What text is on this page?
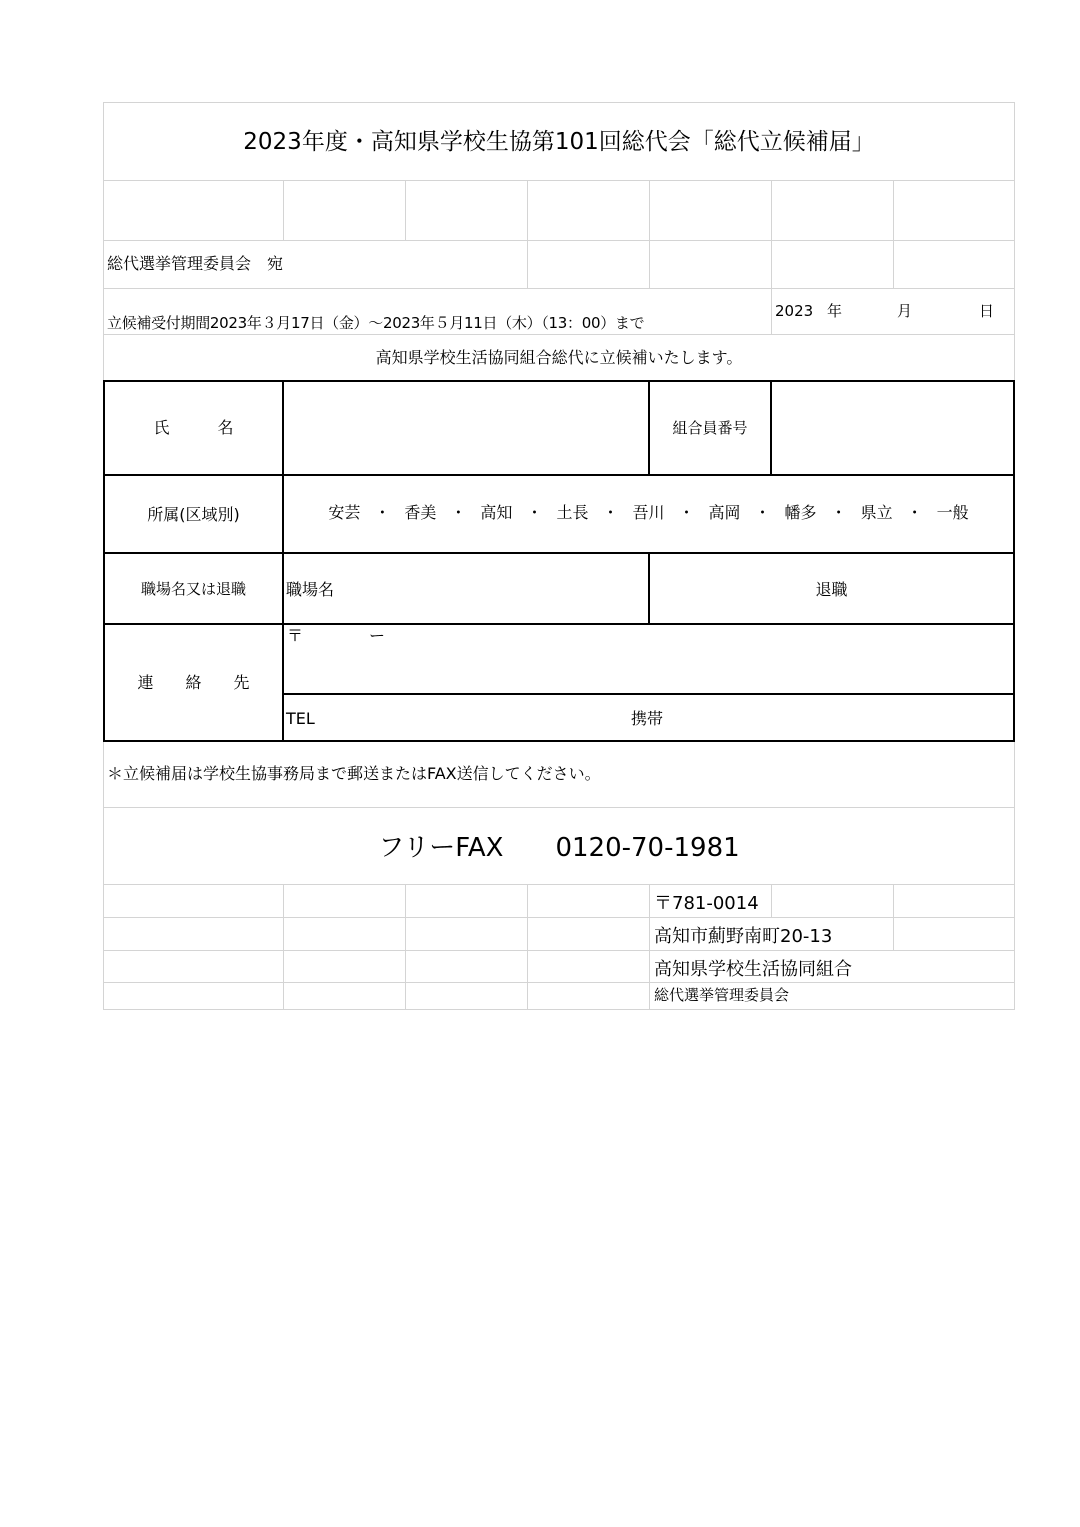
2023年度・高知県学校生協第101回総代会「総代立候補届」
総代選挙管理委員会　宛
立候補受付期間2023年３月17日（金）～2023年５月11日（木）（13：00）まで
2023 年	月	日
高知県学校生活協同組合総代に立候補いたします。
氏　　　名	組合員番号
所属(区域別)	安芸 ・ 香美 ・ 高知 ・ 土長 ・ 吾川 ・ 高岡 ・ 幡多 ・ 県立 ・ 一般
職場名又は退職	職場名	退職
連　　絡　　先
〒	ー
TEL	携帯
＊立候補届は学校生協事務局まで郵送またはFAX送信してください。
フリーFAX　　0120-70-1981
〒781-0014
高知市薊野南町20-13
高知県学校生活協同組合
総代選挙管理委員会
